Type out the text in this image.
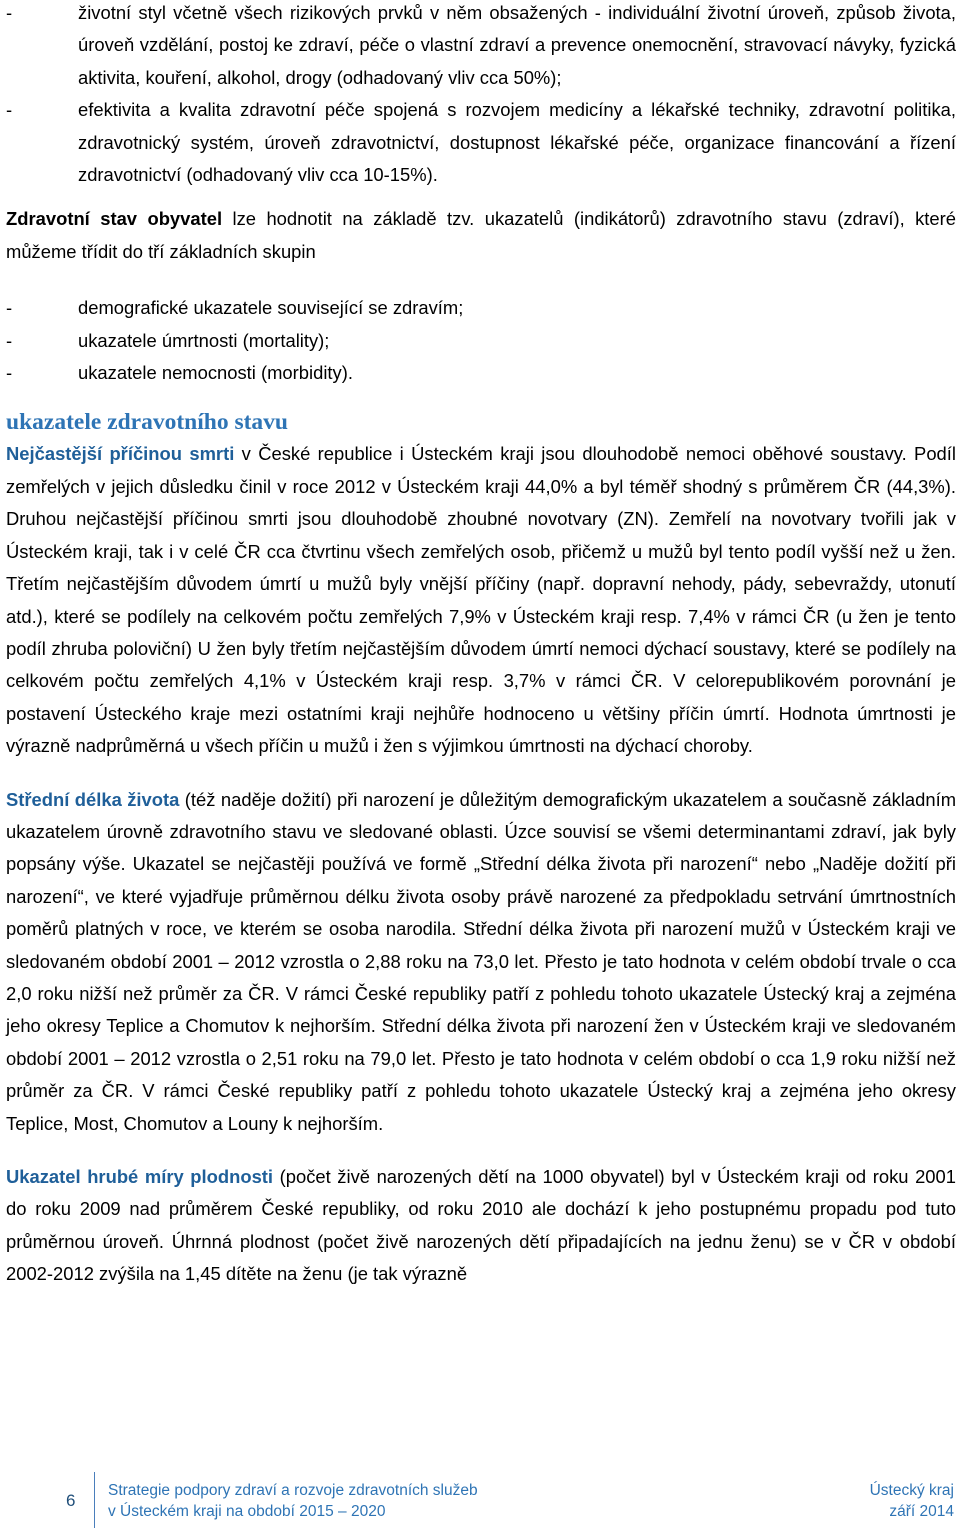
-	životní styl včetně všech rizikových prvků v něm obsažených - individuální životní úroveň, způsob života, úroveň vzdělání, postoj ke zdraví, péče o vlastní zdraví a prevence onemocnění, stravovací návyky, fyzická aktivita, kouření, alkohol, drogy (odhadovaný vliv cca 50%);
-	efektivita a kvalita zdravotní péče spojená s rozvojem medicíny a lékařské techniky, zdravotní politika, zdravotnický systém, úroveň zdravotnictví, dostupnost lékařské péče, organizace financování a řízení zdravotnictví (odhadovaný vliv cca 10-15%).

Zdravotní stav obyvatel lze hodnotit na základě tzv. ukazatelů (indikátorů) zdravotního stavu (zdraví), které můžeme třídit do tří základních skupin

-	demografické ukazatele související se zdravím;
-	ukazatele úmrtnosti (mortality);
-	ukazatele nemocnosti (morbidity).
ukazatele zdravotního stavu

Nejčastější příčinou smrti v České republice i Ústeckém kraji jsou dlouhodobě nemoci oběhové soustavy. Podíl zemřelých v jejich důsledku činil v roce 2012 v Ústeckém kraji 44,0% a byl téměř shodný s průměrem ČR (44,3%). Druhou nejčastější příčinou smrti jsou dlouhodobě zhoubné novotvary (ZN). Zemřelí na novotvary tvořili jak v Ústeckém kraji, tak i v celé ČR cca čtvrtinu všech zemřelých osob, přičemž u mužů byl tento podíl vyšší než u žen. Třetím nejčastějším důvodem úmrtí u mužů byly vnější příčiny (např. dopravní nehody, pády, sebevraždy, utonutí atd.), které se podílely na celkovém počtu zemřelých 7,9% v Ústeckém kraji resp. 7,4% v rámci ČR (u žen je tento podíl zhruba poloviční) U žen byly třetím nejčastějším důvodem úmrtí nemoci dýchací soustavy, které se podílely na celkovém počtu zemřelých 4,1% v Ústeckém kraji resp. 3,7% v rámci ČR. V celorepublikovém porovnání je postavení Ústeckého kraje mezi ostatními kraji nejhůře hodnoceno u většiny příčin úmrtí. Hodnota úmrtnosti je výrazně nadprůměrná u všech příčin u mužů i žen s výjimkou úmrtnosti na dýchací choroby.

Střední délka života (též naděje dožití) při narození je důležitým demografickým ukazatelem a současně základním ukazatelem úrovně zdravotního stavu ve sledované oblasti. Úzce souvisí se všemi determinantami zdraví, jak byly popsány výše. Ukazatel se nejčastěji používá ve formě „Střední délka života při narození“ nebo „Naděje dožití při narození“, ve které vyjadřuje průměrnou délku života osoby právě narozené za předpokladu setrvání úmrtnostních poměrů platných v roce, ve kterém se osoba narodila. Střední délka života při narození mužů v Ústeckém kraji ve sledovaném období 2001 – 2012 vzrostla o 2,88 roku na 73,0 let. Přesto je tato hodnota v celém období trvale o cca 2,0 roku nižší než průměr za ČR. V rámci České republiky patří z pohledu tohoto ukazatele Ústecký kraj a zejména jeho okresy Teplice a Chomutov k nejhorším. Střední délka života při narození žen v Ústeckém kraji ve sledovaném období 2001 – 2012 vzrostla o 2,51 roku na 79,0 let. Přesto je tato hodnota v celém období o cca 1,9 roku nižší než průměr za ČR. V rámci České republiky patří z pohledu tohoto ukazatele Ústecký kraj a zejména jeho okresy Teplice, Most, Chomutov a Louny k nejhorším.

Ukazatel hrubé míry plodnosti (počet živě narozených dětí na 1000 obyvatel) byl v Ústeckém kraji od roku 2001 do roku 2009 nad průměrem České republiky, od roku 2010 ale dochází k jeho postupnému propadu pod tuto průměrnou úroveň. Úhrnná plodnost (počet živě narozených dětí připadajících na jednu ženu) se v ČR v období 2002-2012 zvýšila na 1,45 dítěte na ženu (je tak výrazně

6
Strategie podpory zdraví a rozvoje zdravotních služeb
v Ústeckém kraji na období 2015 – 2020
Ústecký kraj
září 2014
